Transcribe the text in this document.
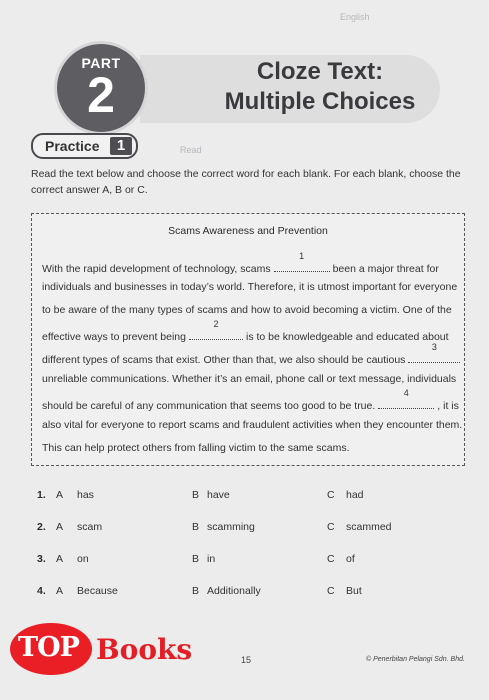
English
Read
PART
2	Cloze Text:
Multiple Choices
Practice	1

Read the text below and choose the correct word for each blank. For each blank, choose the correct answer A, B or C.

Scams Awareness and Prevention

With the rapid development of technology, scams
1
been a major threat for
individuals and businesses in today’s world. Therefore, it is utmost important for everyone
to be aware of the many types of scams and how to avoid becoming a victim. One of the
effective ways to prevent being
2
is to be knowledgeable and educated about
different types of scams that exist. Other than that, we also should be cautious
3
unreliable communications. Whether it’s an email, phone call or text message, individuals
should be careful of any communication that seems too good to be true.
4
, it is
also vital for everyone to report scams and fraudulent activities when they encounter them.
This can help protect others from falling victim to the same scams.
1. A has	B have	C had
2. A scam	B scamming	C scammed
3. A on	B in	C of
4. A Because	B Additionally	C But
15	© Penerbitan Pelangi Sdn. Bhd.
TOP Books
